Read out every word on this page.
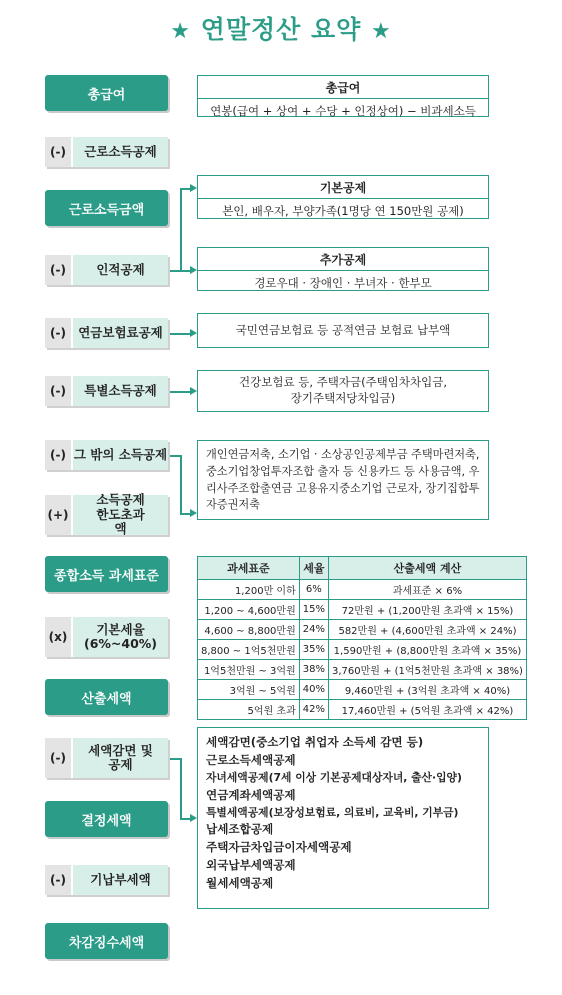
★ 연말정산 요약 ★
총급여
(-)	근로소득공제
근로소득금액
(-)	인적공제
(-) 연금보험료공제
(-)	특별소득공제
(-) 그 밖의 소득공제
(+)
소득공제 한도초과액
종합소득 과세표준
(x)
기본세율 (6%~40%)
산출세액
(-)
세액감면 및 공제
결정세액
(-)	기납부세액
차감징수세액
총급여
연봉(급여 + 상여 + 수당 + 인정상여) − 비과세소득
기본공제
본인, 배우자, 부양가족(1명당 연 150만원 공제)
추가공제
경로우대 · 장애인 · 부녀자 · 한부모
국민연금보험료 등 공적연금 보험료 납부액
건강보험료 등, 주택자금(주택임차차입금,
장기주택저당차입금)
개인연금저축, 소기업 · 소상공인공제부금 주택마련저축, 중소기업창업투자조합 출자 등 신용카드 등 사용금액, 우리사주조합출연금 고용유지중소기업 근로자, 장기집합투자증권저축
과세표준	세율	산출세액 계산
1,200만 이하	6%	과세표준 × 6%
1,200 ~ 4,600만원	15%	72만원 + (1,200만원 초과액 × 15%)
4,600 ~ 8,800만원	24%	582만원 + (4,600만원 초과액 × 24%)
8,800 ~ 1억5천만원	35%	1,590만원 + (8,800만원 초과액 × 35%)
1억5천만원 ~ 3억원	38%	3,760만원 + (1억5천만원 초과액 × 38%)
3억원 ~ 5억원	40%	9,460만원 + (3억원 초과액 × 40%)
5억원 초과	42%	17,460만원 + (5억원 초과액 × 42%)
세액감면(중소기업 취업자 소득세 감면 등)
근로소득세액공제
자녀세액공제(7세 이상 기본공제대상자녀, 출산·입양)
연금계좌세액공제
특별세액공제(보장성보험료, 의료비, 교육비, 기부금)
납세조합공제
주택자금차입금이자세액공제
외국납부세액공제
월세세액공제
